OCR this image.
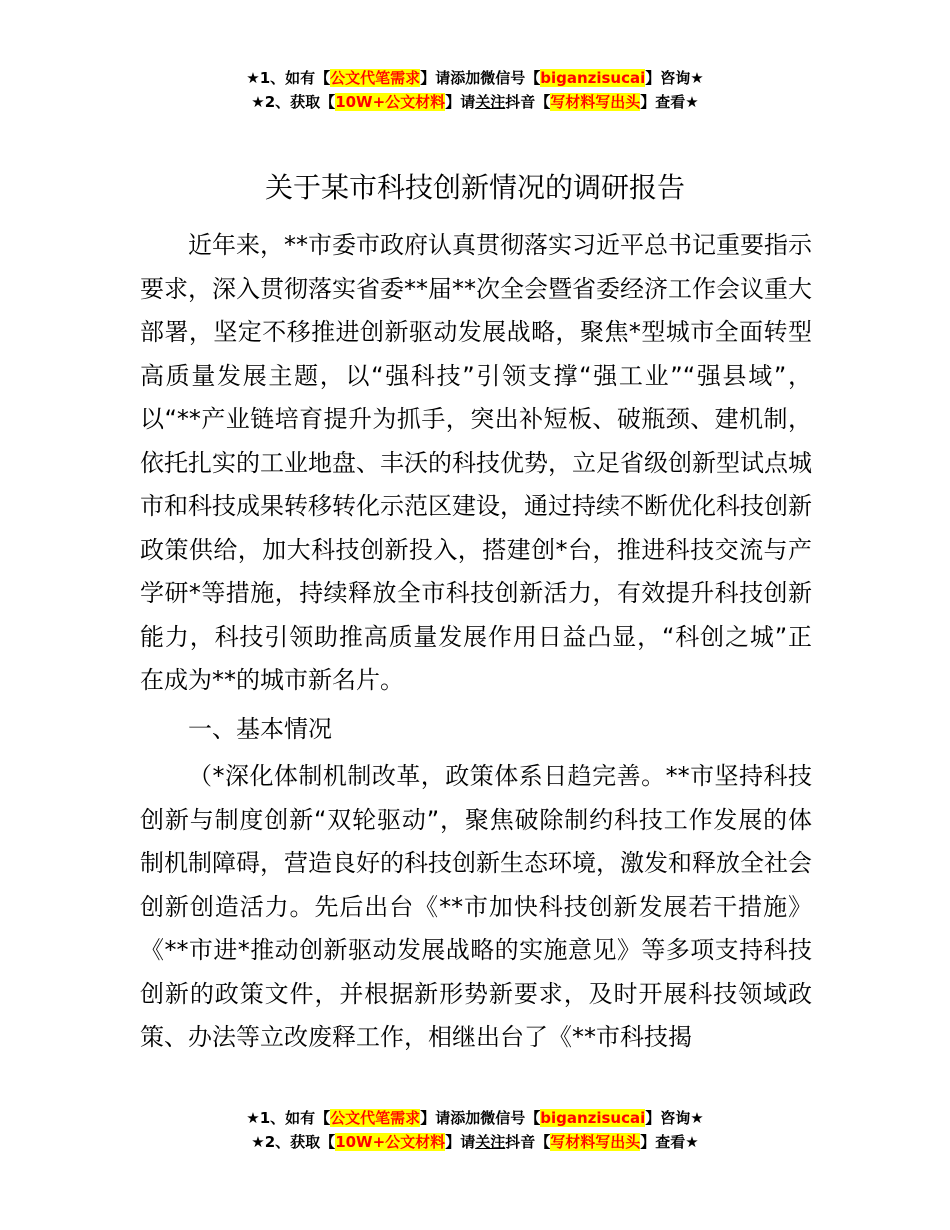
★1、如有【公文代笔需求】请添加微信号【biganzisucai】咨询★
★2、获取【10W+公文材料】请关注抖音【写材料写出头】查看★
关于某市科技创新情况的调研报告

近年来，**市委市政府认真贯彻落实习近平总书记重要指示要求，深入贯彻落实省委**届**次全会暨省委经济工作会议重大部署，坚定不移推进创新驱动发展战略，聚焦*型城市全面转型高质量发展主题，以“强科技”引领支撑“强工业”“强县域”，以“**产业链培育提升为抓手，突出补短板、破瓶颈、建机制，依托扎实的工业地盘、丰沃的科技优势，立足省级创新型试点城市和科技成果转移转化示范区建设，通过持续不断优化科技创新政策供给，加大科技创新投入，搭建创*台，推进科技交流与产学研*等措施，持续释放全市科技创新活力，有效提升科技创新能力，科技引领助推高质量发展作用日益凸显，“科创之城”正在成为**的城市新名片。

一、基本情况

（*深化体制机制改革，政策体系日趋完善。**市坚持科技创新与制度创新“双轮驱动”，聚焦破除制约科技工作发展的体制机制障碍，营造良好的科技创新生态环境，激发和释放全社会创新创造活力。先后出台《**市加快科技创新发展若干措施》《**市进*推动创新驱动发展战略的实施意见》等多项支持科技创新的政策文件，并根据新形势新要求，及时开展科技领域政策、办法等立改废释工作，相继出台了《**市科技揭

★1、如有【公文代笔需求】请添加微信号【biganzisucai】咨询★
★2、获取【10W+公文材料】请关注抖音【写材料写出头】查看★
